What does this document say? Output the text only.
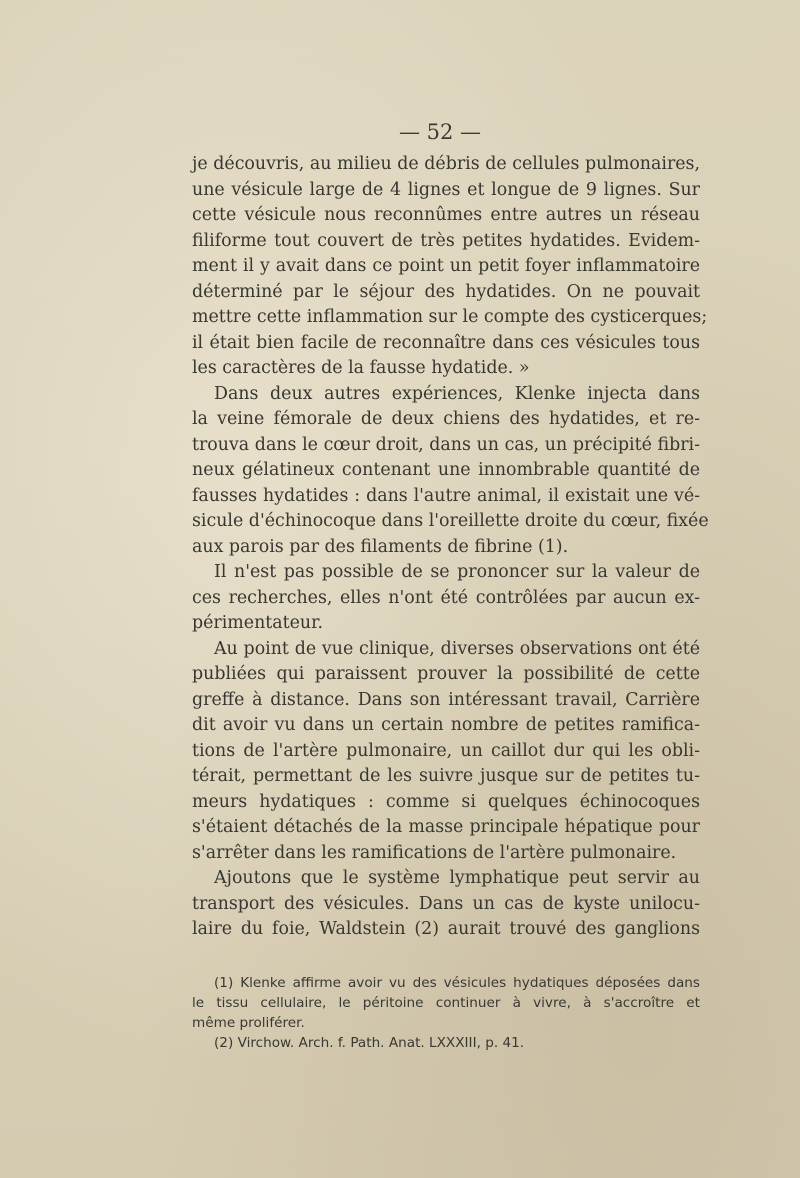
— 52 —
je découvris, au milieu de débris de cellules pulmonaires,
une vésicule large de 4 lignes et longue de 9 lignes. Sur
cette vésicule nous reconnûmes entre autres un réseau
filiforme tout couvert de très petites hydatides. Evidem-
ment il y avait dans ce point un petit foyer inflammatoire
déterminé par le séjour des hydatides. On ne pouvait
mettre cette inflammation sur le compte des cysticerques;
il était bien facile de reconnaître dans ces vésicules tous
les caractères de la fausse hydatide. »
Dans deux autres expériences, Klenke injecta dans
la veine fémorale de deux chiens des hydatides, et re-
trouva dans le cœur droit, dans un cas, un précipité fibri-
neux gélatineux contenant une innombrable quantité de
fausses hydatides : dans l'autre animal, il existait une vé-
sicule d'échinocoque dans l'oreillette droite du cœur, fixée
aux parois par des filaments de fibrine (1).
Il n'est pas possible de se prononcer sur la valeur de
ces recherches, elles n'ont été contrôlées par aucun ex-
périmentateur.
Au point de vue clinique, diverses observations ont été
publiées qui paraissent prouver la possibilité de cette
greffe à distance. Dans son intéressant travail, Carrière
dit avoir vu dans un certain nombre de petites ramifica-
tions de l'artère pulmonaire, un caillot dur qui les obli-
térait, permettant de les suivre jusque sur de petites tu-
meurs hydatiques : comme si quelques échinocoques
s'étaient détachés de la masse principale hépatique pour
s'arrêter dans les ramifications de l'artère pulmonaire.
Ajoutons que le système lymphatique peut servir au
transport des vésicules. Dans un cas de kyste unilocu-
laire du foie, Waldstein (2) aurait trouvé des ganglions
(1) Klenke affirme avoir vu des vésicules hydatiques déposées dans
le tissu cellulaire, le péritoine continuer à vivre, à s'accroître et
même proliférer.
(2) Virchow. Arch. f. Path. Anat. LXXXIII, p. 41.
